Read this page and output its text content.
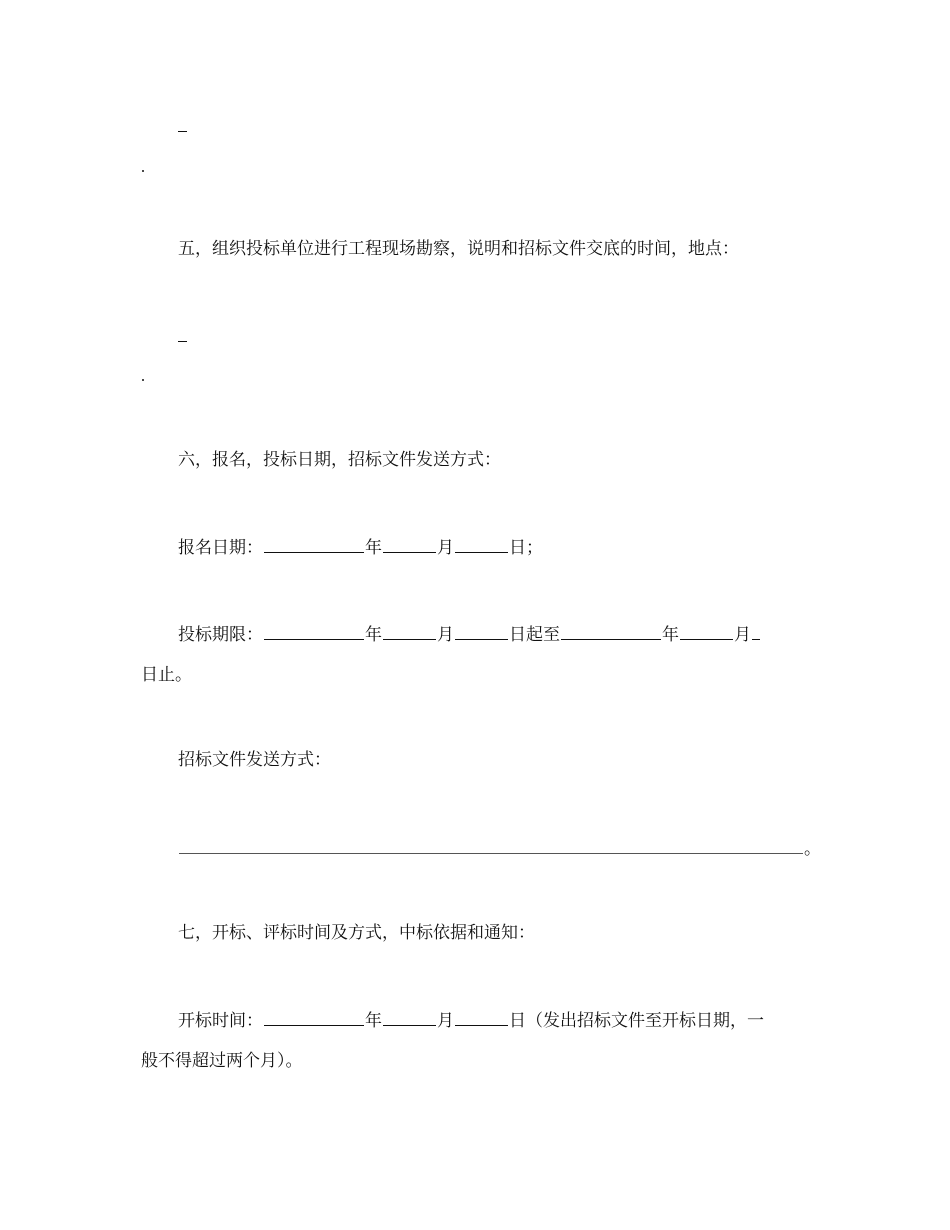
五，组织投标单位进行工程现场勘察，说明和招标文件交底的时间，地点：
六，报名，投标日期，招标文件发送方式：
报名日期：	年	月	日；
投标期限：	年	月	日起至	年	月
日止。
招标文件发送方式：
。
七，开标、评标时间及方式，中标依据和通知：
开标时间：	年	月	日（发出招标文件至开标日期，一
般不得超过两个月）。
